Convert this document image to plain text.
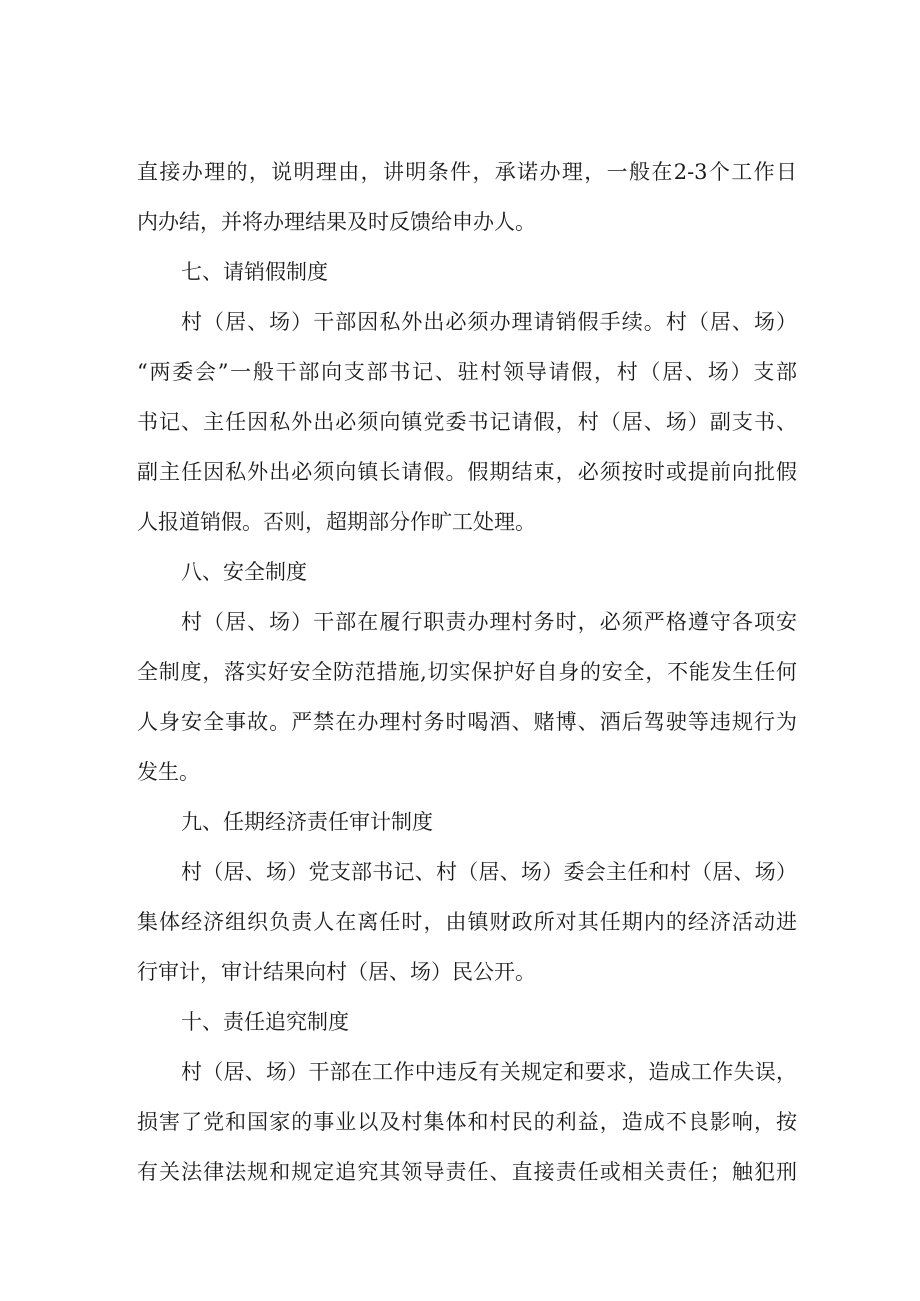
直接办理的，说明理由，讲明条件，承诺办理，一般在2-3个工作日
内办结，并将办理结果及时反馈给申办人。
七、请销假制度
村（居、场）干部因私外出必须办理请销假手续。村（居、场）
“两委会”一般干部向支部书记、驻村领导请假，村（居、场）支部
书记、主任因私外出必须向镇党委书记请假，村（居、场）副支书、
副主任因私外出必须向镇长请假。假期结束，必须按时或提前向批假
人报道销假。否则，超期部分作旷工处理。
八、安全制度
村（居、场）干部在履行职责办理村务时，必须严格遵守各项安
全制度，落实好安全防范措施,切实保护好自身的安全，不能发生任何
人身安全事故。严禁在办理村务时喝酒、赌博、酒后驾驶等违规行为
发生。
九、任期经济责任审计制度
村（居、场）党支部书记、村（居、场）委会主任和村（居、场）
集体经济组织负责人在离任时，由镇财政所对其任期内的经济活动进
行审计，审计结果向村（居、场）民公开。
十、责任追究制度
村（居、场）干部在工作中违反有关规定和要求，造成工作失误，
损害了党和国家的事业以及村集体和村民的利益，造成不良影响，按
有关法律法规和规定追究其领导责任、直接责任或相关责任；触犯刑
